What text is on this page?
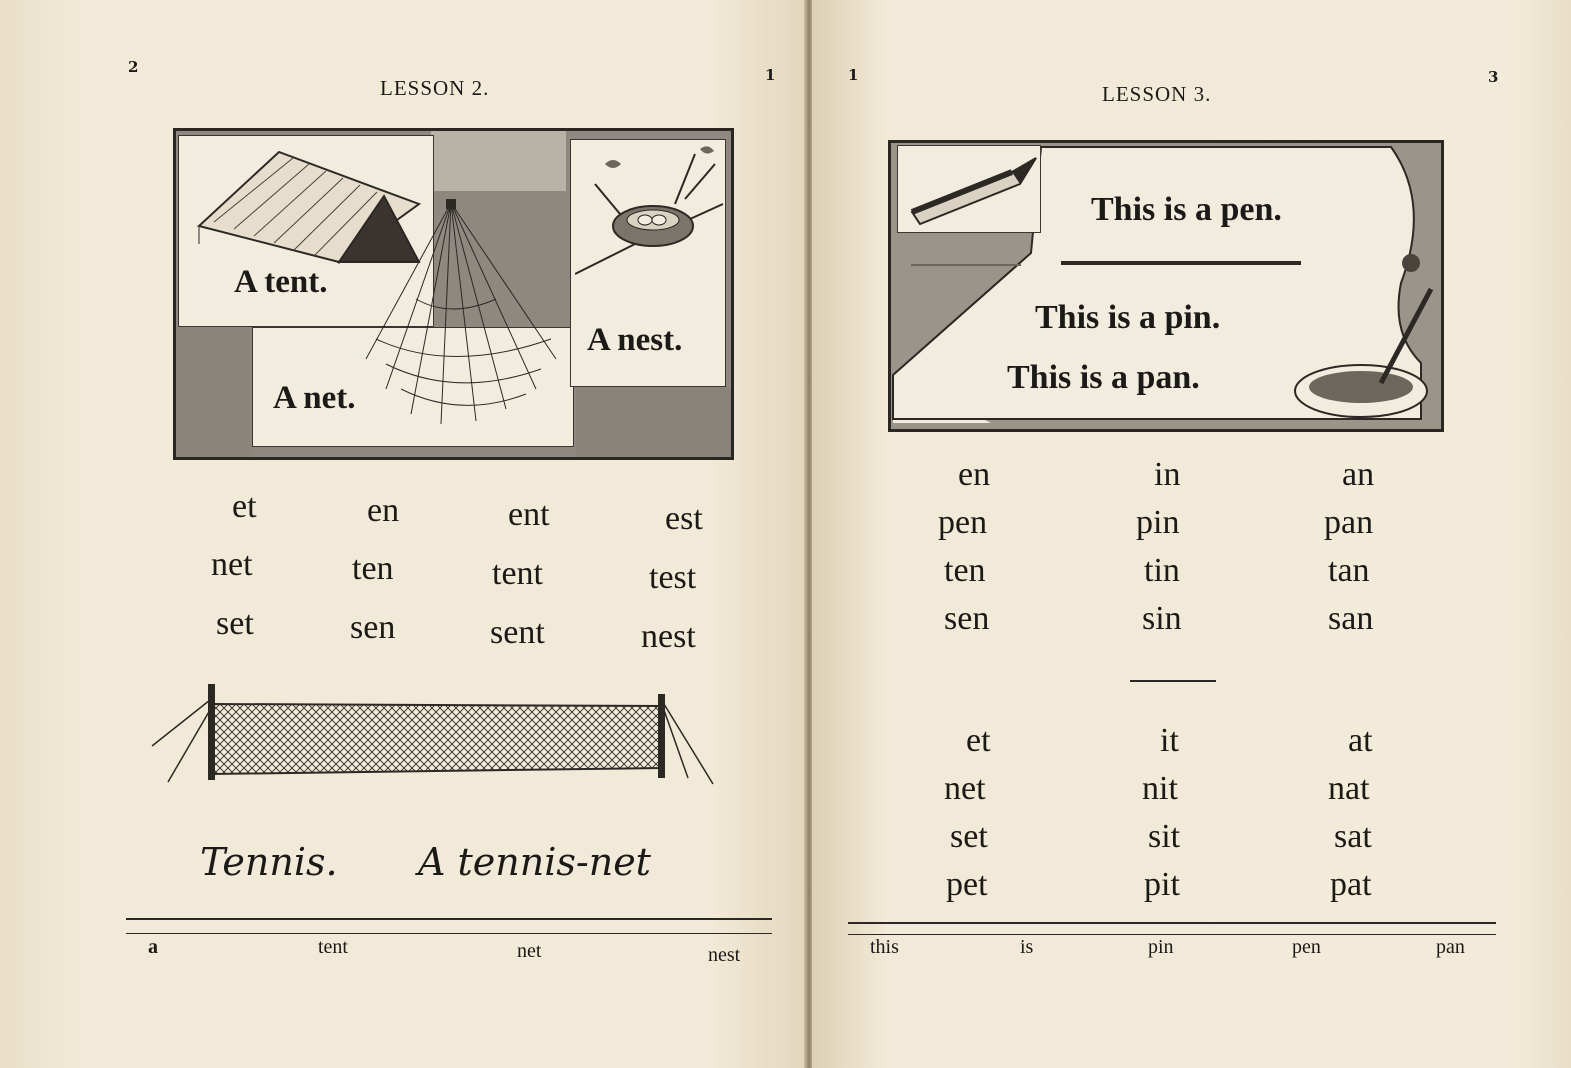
2	1
LESSON 2.
A tent.
A net.
A nest.
et	en	ent	est
net	ten	tent	test
set	sen	sent	nest
Tennis. A tennis-net
a	tent	net	nest
1	3
LESSON 3.
This is a pen.
This is a pin.
This is a pan.
en	in	an
pen	pin	pan
ten	tin	tan
sen	sin	san
et	it	at
net	nit	nat
set	sit	sat
pet	pit	pat
this	is	pin	pen	pan
